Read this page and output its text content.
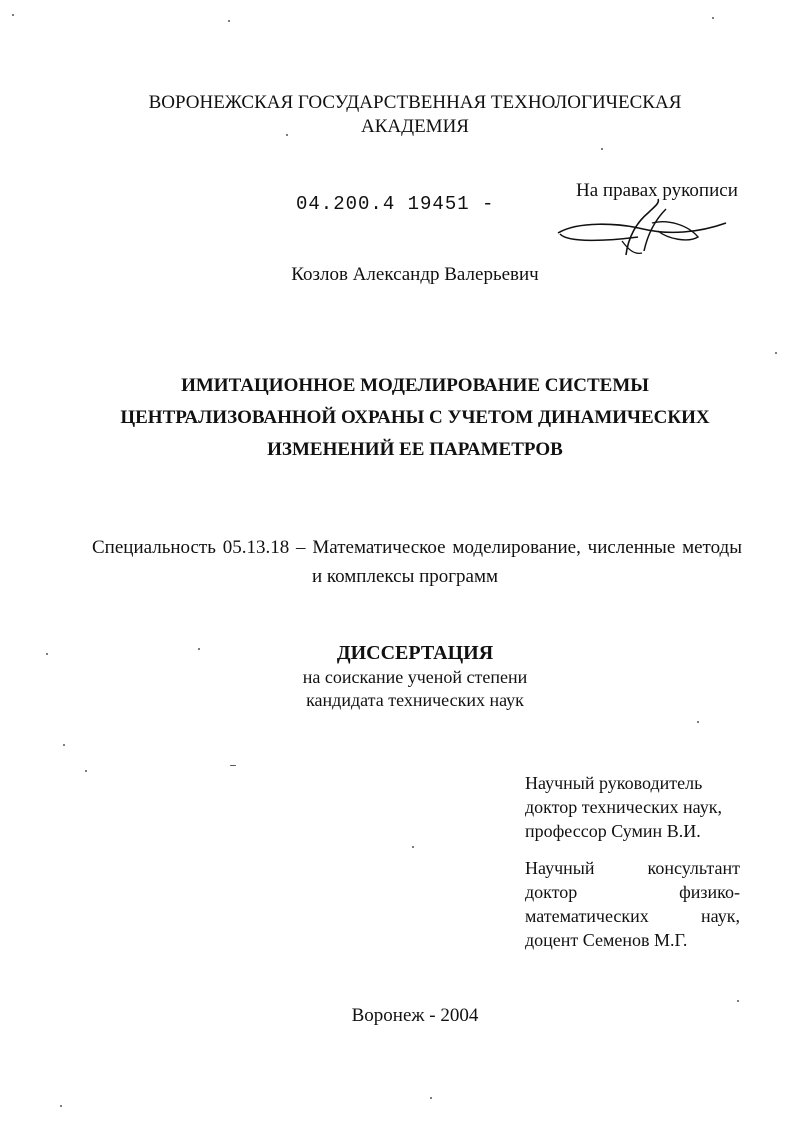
ВОРОНЕЖСКАЯ ГОСУДАРСТВЕННАЯ ТЕХНОЛОГИЧЕСКАЯ
АКАДЕМИЯ
04.200.4 19451 -
На правах рукописи
Козлов Александр Валерьевич
ИМИТАЦИОННОЕ МОДЕЛИРОВАНИЕ СИСТЕМЫ
ЦЕНТРАЛИЗОВАННОЙ ОХРАНЫ С УЧЕТОМ ДИНАМИЧЕСКИХ
ИЗМЕНЕНИЙ ЕЕ ПАРАМЕТРОВ
Специальность 05.13.18 – Математическое моделирование, численные методы
и комплексы программ
ДИССЕРТАЦИЯ
на соискание ученой степени
кандидата технических наук
Научный руководитель
доктор технических наук,
профессор Сумин В.И.
Научный консультант
доктор физико-
математических наук,
доцент Семенов М.Г.
Воронеж - 2004
